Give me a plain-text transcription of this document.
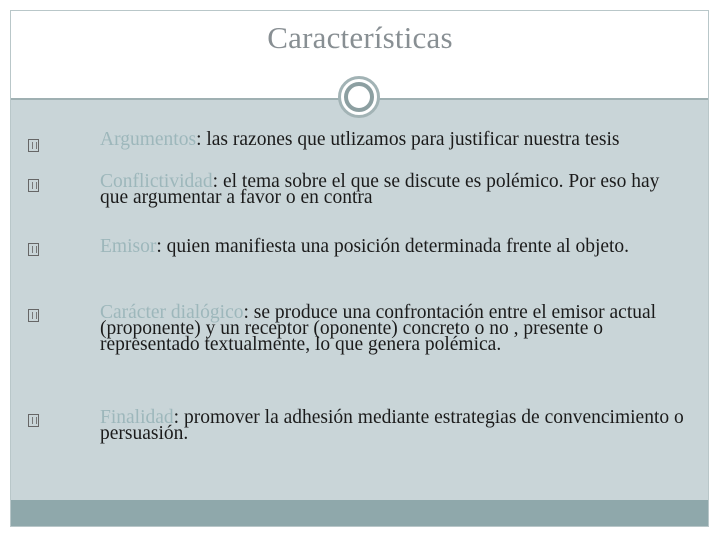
Características
Argumentos: las razones que utlizamos para justificar nuestra tesis
Conflictividad: el tema sobre el que se discute es polémico. Por eso hay que argumentar a favor o en contra
Emisor: quien manifiesta una posición determinada frente al objeto.
Carácter dialógico: se produce una confrontación entre el emisor actual (proponente) y un receptor (oponente) concreto o no , presente o representado textualmente, lo que genera polémica.
Finalidad: promover la adhesión mediante estrategias de convencimiento o persuasión.
